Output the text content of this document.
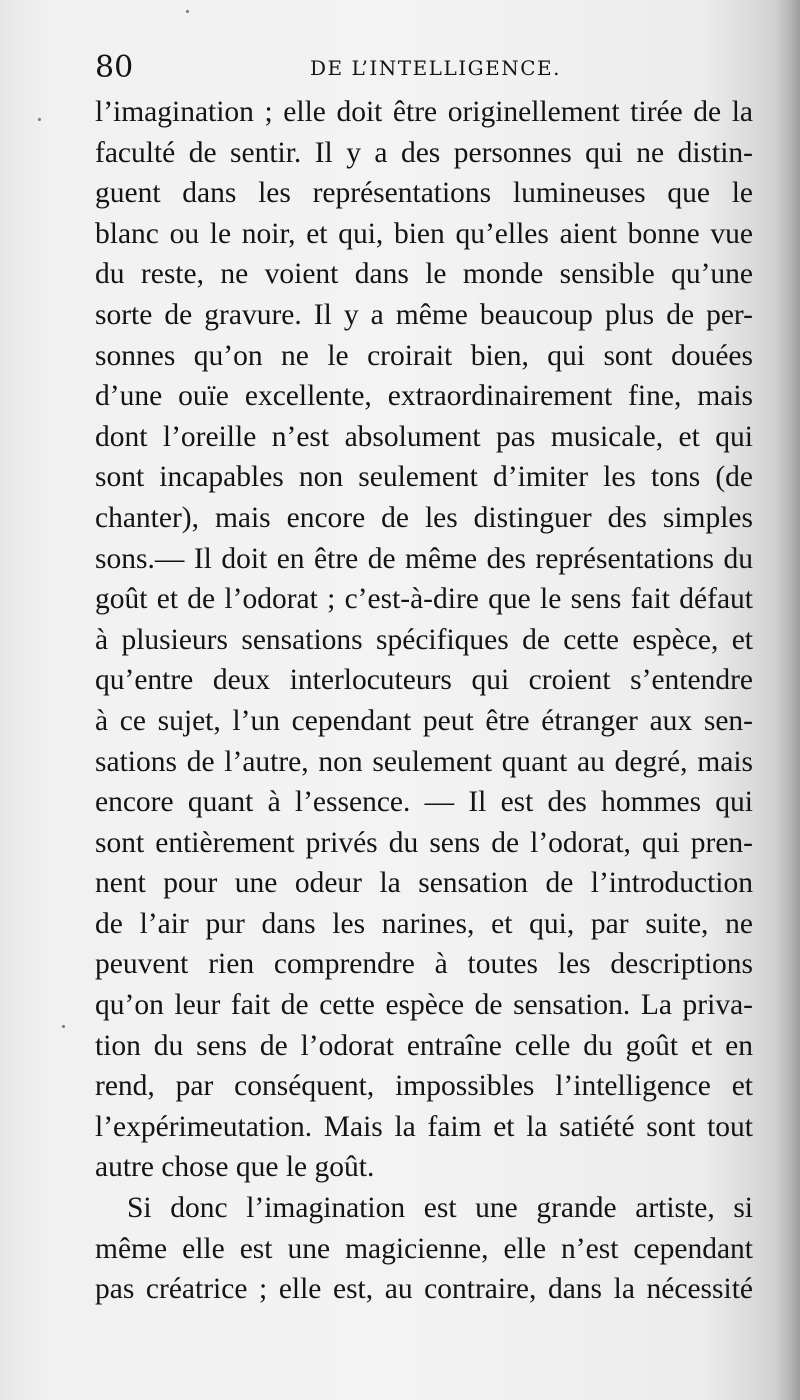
80	DE L’INTELLIGENCE.
l’imagination ; elle doit être originellement tirée de la
faculté de sentir. Il y a des personnes qui ne distin-
guent dans les représentations lumineuses que le
blanc ou le noir, et qui, bien qu’elles aient bonne vue
du reste, ne voient dans le monde sensible qu’une
sorte de gravure. Il y a même beaucoup plus de per-
sonnes qu’on ne le croirait bien, qui sont douées
d’une ouïe excellente, extraordinairement fine, mais
dont l’oreille n’est absolument pas musicale, et qui
sont incapables non seulement d’imiter les tons (de
chanter), mais encore de les distinguer des simples
sons.— Il doit en être de même des représentations du
goût et de l’odorat ; c’est-à-dire que le sens fait défaut
à plusieurs sensations spécifiques de cette espèce, et
qu’entre deux interlocuteurs qui croient s’entendre
à ce sujet, l’un cependant peut être étranger aux sen-
sations de l’autre, non seulement quant au degré, mais
encore quant à l’essence. — Il est des hommes qui
sont entièrement privés du sens de l’odorat, qui pren-
nent pour une odeur la sensation de l’introduction
de l’air pur dans les narines, et qui, par suite, ne
peuvent rien comprendre à toutes les descriptions
qu’on leur fait de cette espèce de sensation. La priva-
tion du sens de l’odorat entraîne celle du goût et en
rend, par conséquent, impossibles l’intelligence et
l’expérimeutation. Mais la faim et la satiété sont tout
autre chose que le goût.
Si donc l’imagination est une grande artiste, si
même elle est une magicienne, elle n’est cependant
pas créatrice ; elle est, au contraire, dans la nécessité
